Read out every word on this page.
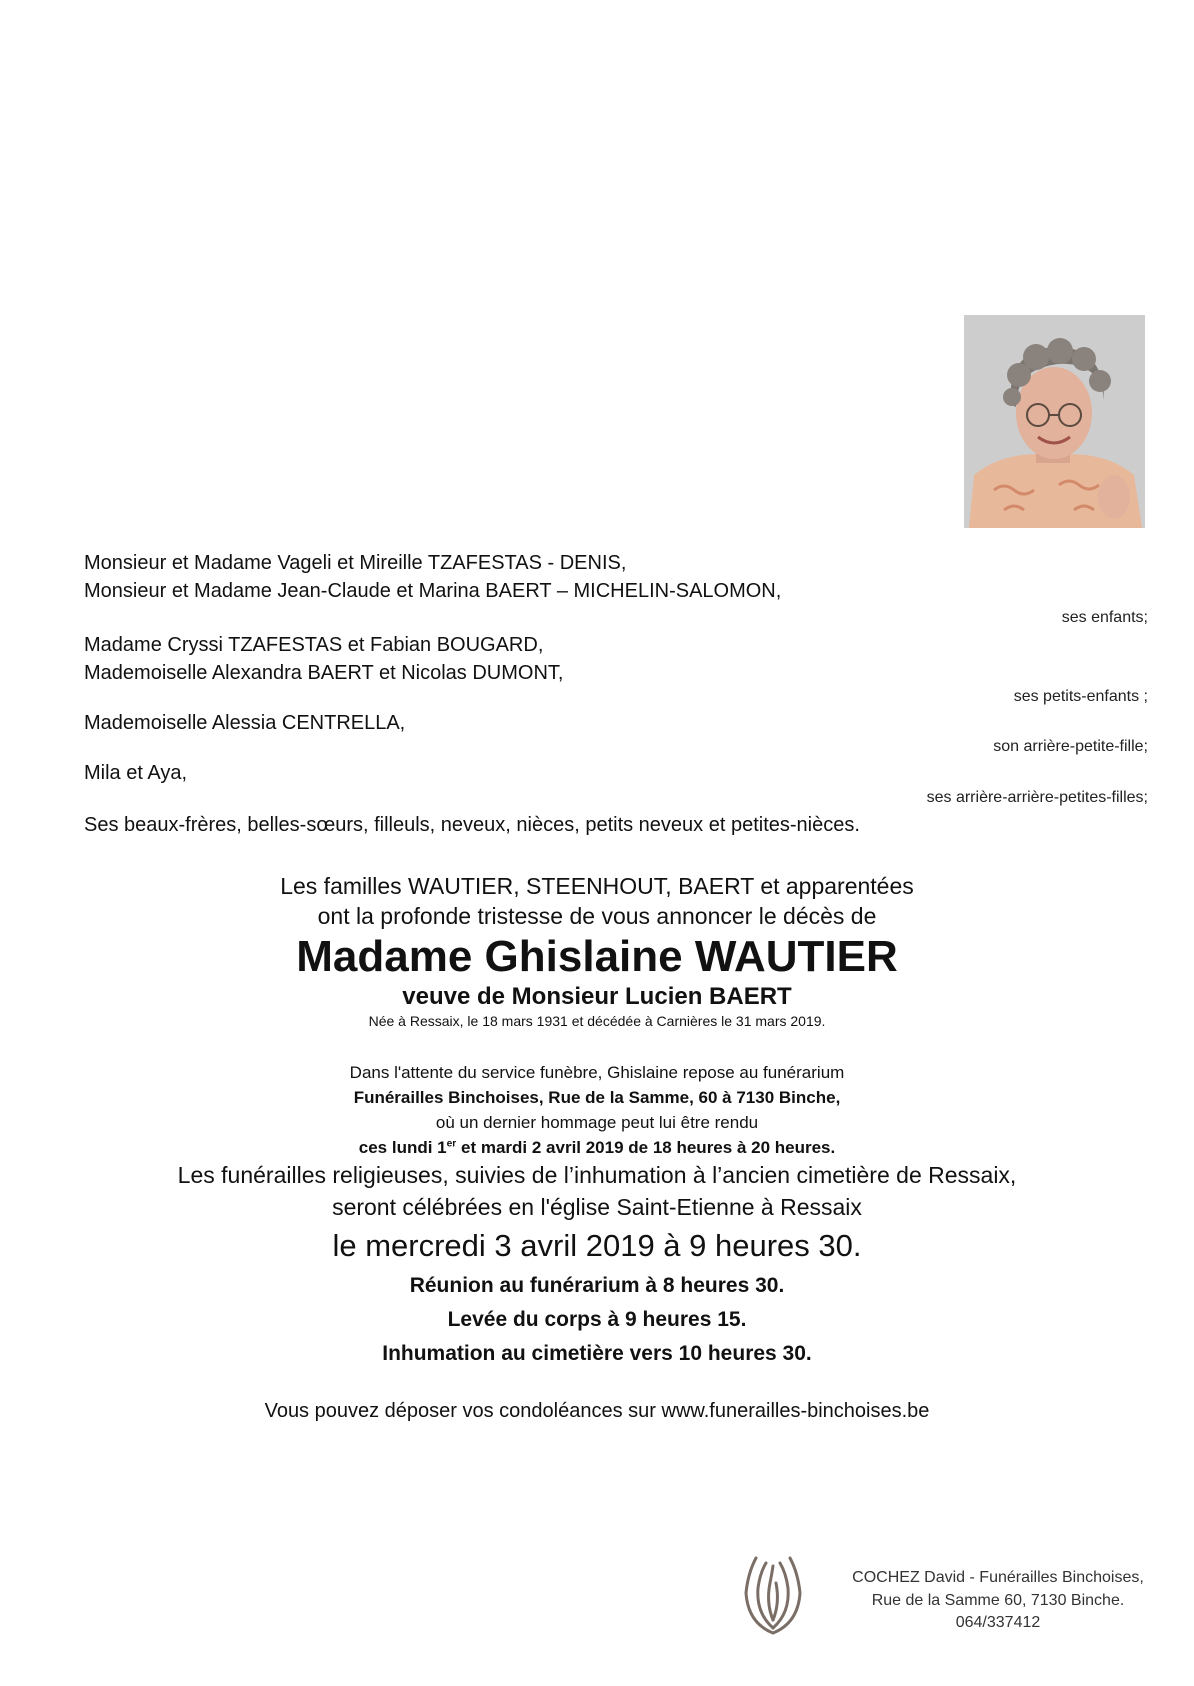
Monsieur et Madame Vageli et Mireille TZAFESTAS - DENIS,
Monsieur et Madame Jean-Claude et Marina BAERT – MICHELIN-SALOMON,
ses enfants;
Madame Cryssi TZAFESTAS et Fabian BOUGARD,
Mademoiselle Alexandra BAERT et Nicolas DUMONT,
ses petits-enfants ;
Mademoiselle Alessia CENTRELLA,
son arrière-petite-fille;
Mila et Aya,
ses arrière-arrière-petites-filles;
Ses beaux-frères, belles-sœurs, filleuls, neveux, nièces, petits neveux et petites-nièces.
Les familles WAUTIER, STEENHOUT, BAERT et apparentées
ont la profonde tristesse de vous annoncer le décès de
Madame Ghislaine WAUTIER
veuve de Monsieur Lucien BAERT
Née à Ressaix, le 18 mars 1931 et décédée à Carnières le 31 mars 2019.
Dans l'attente du service funèbre, Ghislaine repose au funérarium
Funérailles Binchoises, Rue de la Samme, 60 à 7130 Binche,
où un dernier hommage peut lui être rendu
ces lundi 1er et mardi 2 avril 2019 de 18 heures à 20 heures.
Les funérailles religieuses, suivies de l’inhumation à l’ancien cimetière de Ressaix,
seront célébrées en l'église Saint-Etienne à Ressaix
le mercredi 3 avril 2019 à 9 heures 30.
Réunion au funérarium à 8 heures 30.
Levée du corps à 9 heures 15.
Inhumation au cimetière vers 10 heures 30.
Vous pouvez déposer vos condoléances sur www.funerailles-binchoises.be
COCHEZ David - Funérailles Binchoises,
Rue de la Samme 60, 7130 Binche.
064/337412
